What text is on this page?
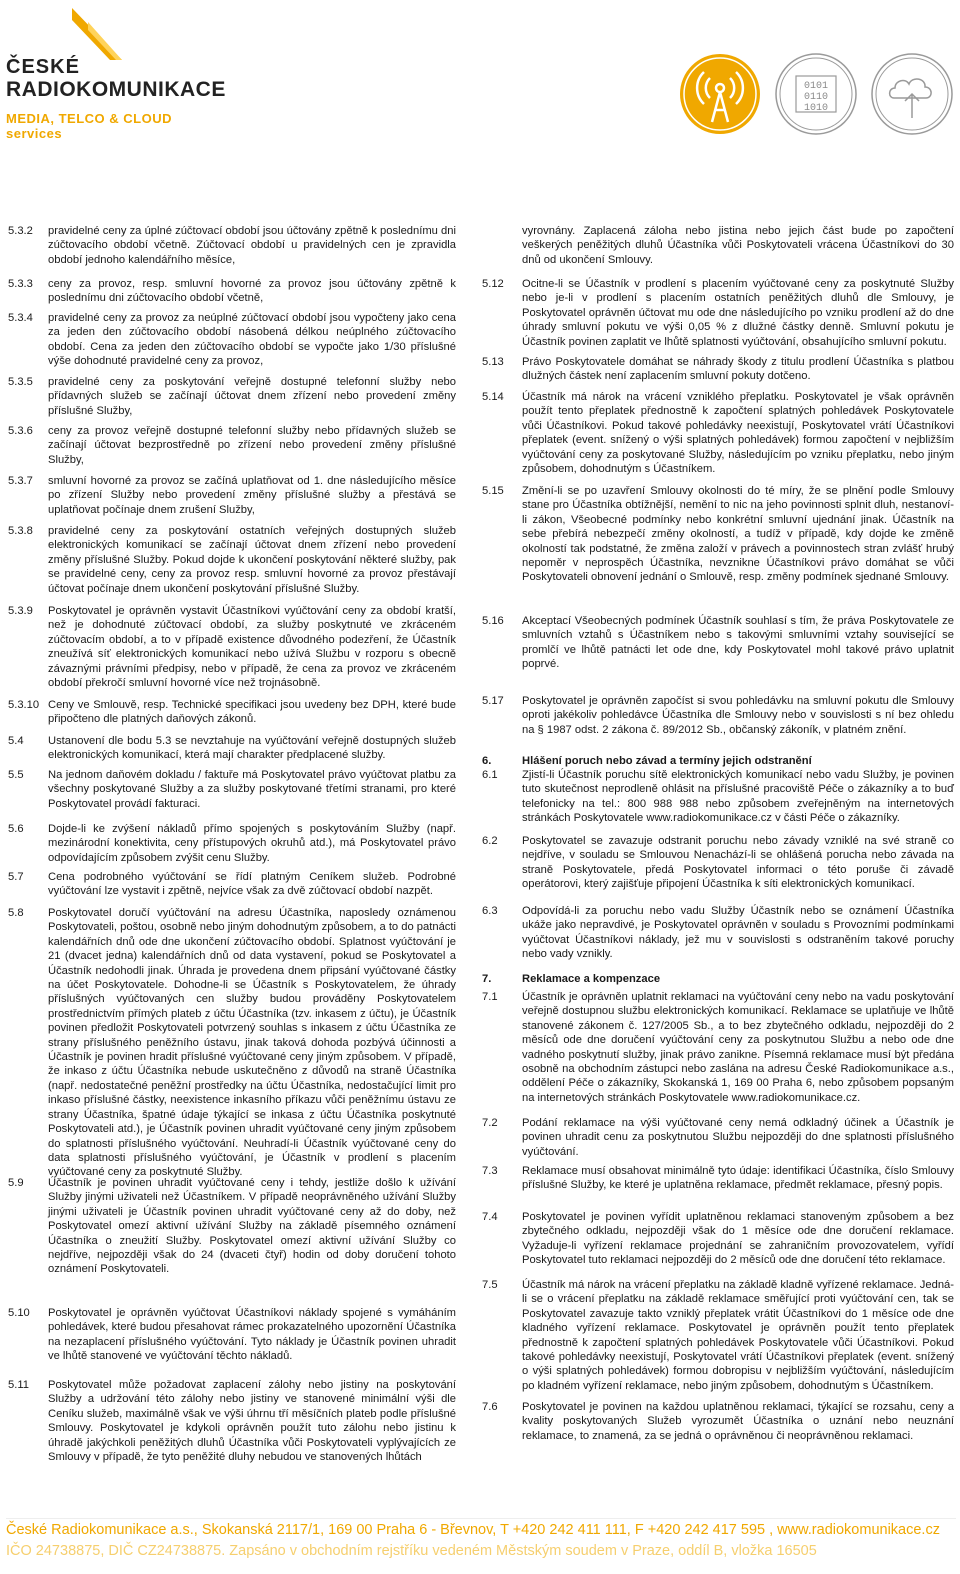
ČESKÉ
RADIOKOMUNIKACE
MEDIA, TELCO & CLOUD services
0101
0110
1010
5.3.2 pravidelné ceny za úplné zúčtovací období jsou účtovány zpětně k poslednímu dni zúčtovacího období včetně. Zúčtovací období u pravidelných cen je zpravidla období jednoho kalendářního měsíce,
5.3.3 ceny za provoz, resp. smluvní hovorné za provoz jsou účtovány zpětně k poslednímu dni zúčtovacího období včetně,
5.3.4 pravidelné ceny za provoz za neúplné zúčtovací období jsou vypočteny jako cena za jeden den zúčtovacího období násobená délkou neúplného zúčtovacího období. Cena za jeden den zúčtovacího období se vypočte jako 1/30 příslušné výše dohodnuté pravidelné ceny za provoz,
5.3.5 pravidelné ceny za poskytování veřejně dostupné telefonní služby nebo přídavných služeb se začínají účtovat dnem zřízení nebo provedení změny příslušné Služby,
5.3.6 ceny za provoz veřejně dostupné telefonní služby nebo přídavných služeb se začínají účtovat bezprostředně po zřízení nebo provedení změny příslušné Služby,
5.3.7 smluvní hovorné za provoz se začíná uplatňovat od 1. dne následujícího měsíce po zřízení Služby nebo provedení změny příslušné služby a přestává se uplatňovat počínaje dnem zrušení Služby,
5.3.8 pravidelné ceny za poskytování ostatních veřejných dostupných služeb elektronických komunikací se začínají účtovat dnem zřízení nebo provedení změny příslušné Služby. Pokud dojde k ukončení poskytování některé služby, pak se pravidelné ceny, ceny za provoz resp. smluvní hovorné za provoz přestávají účtovat počínaje dnem ukončení poskytování příslušné Služby.
5.3.9 Poskytovatel je oprávněn vystavit Účastníkovi vyúčtování ceny za období kratší, než je dohodnuté zúčtovací období, za služby poskytnuté ve zkráceném zúčtovacím období, a to v případě existence důvodného podezření, že Účastník zneužívá síť elektronických komunikací nebo užívá Službu v rozporu s obecně závaznými právními předpisy, nebo v případě, že cena za provoz ve zkráceném období překročí smluvní hovorné více než trojnásobně.
5.3.10 Ceny ve Smlouvě, resp. Technické specifikaci jsou uvedeny bez DPH, které bude připočteno dle platných daňových zákonů.
5.4 Ustanovení dle bodu 5.3 se nevztahuje na vyúčtování veřejně dostupných služeb elektronických komunikací, která mají charakter předplacené služby.
5.5 Na jednom daňovém dokladu / faktuře má Poskytovatel právo vyúčtovat platbu za všechny poskytované Služby a za služby poskytované třetími stranami, pro které Poskytovatel provádí fakturaci.
5.6 Dojde-li ke zvýšení nákladů přímo spojených s poskytováním Služby (např. mezinárodní konektivita, ceny přístupových okruhů atd.), má Poskytovatel právo odpovídajícím způsobem zvýšit cenu Služby.
5.7 Cena podrobného vyúčtování se řídí platným Ceníkem služeb. Podrobné vyúčtování lze vystavit i zpětně, nejvíce však za dvě zúčtovací období nazpět.
5.8 Poskytovatel doručí vyúčtování na adresu Účastníka, naposledy oznámenou Poskytovateli, poštou, osobně nebo jiným dohodnutým způsobem, a to do patnácti kalendářních dnů ode dne ukončení zúčtovacího období. Splatnost vyúčtování je 21 (dvacet jedna) kalendářních dnů od data vystavení, pokud se Poskytovatel a Účastník nedohodli jinak. Úhrada je provedena dnem připsání vyúčtované částky na účet Poskytovatele. Dohodne-li se Účastník s Poskytovatelem, že úhrady příslušných vyúčtovaných cen služby budou prováděny Poskytovatelem prostřednictvím přímých plateb z účtu Účastníka (tzv. inkasem z účtu), je Účastník povinen předložit Poskytovateli potvrzený souhlas s inkasem z účtu Účastníka ze strany příslušného peněžního ústavu, jinak taková dohoda pozbývá účinnosti a Účastník je povinen hradit příslušné vyúčtované ceny jiným způsobem. V případě, že inkaso z účtu Účastníka nebude uskutečněno z důvodů na straně Účastníka (např. nedostatečné peněžní prostředky na účtu Účastníka, nedostačující limit pro inkaso příslušné částky, neexistence inkasního příkazu vůči peněžnímu ústavu ze strany Účastníka, špatné údaje týkající se inkasa z účtu Účastníka poskytnuté Poskytovateli atd.), je Účastník povinen uhradit vyúčtované ceny jiným způsobem do splatnosti příslušného vyúčtování. Neuhradí-li Účastník vyúčtované ceny do data splatnosti příslušného vyúčtování, je Účastník v prodlení s placením vyúčtované ceny za poskytnuté Služby.
5.9 Účastník je povinen uhradit vyúčtované ceny i tehdy, jestliže došlo k užívání Služby jinými uživateli než Účastníkem. V případě neoprávněného užívání Služby jinými uživateli je Účastník povinen uhradit vyúčtované ceny až do doby, než Poskytovatel omezí aktivní užívání Služby na základě písemného oznámení Účastníka o zneužití Služby. Poskytovatel omezí aktivní užívání Služby co nejdříve, nejpozději však do 24 (dvaceti čtyř) hodin od doby doručení tohoto oznámení Poskytovateli.
5.10 Poskytovatel je oprávněn vyúčtovat Účastníkovi náklady spojené s vymáháním pohledávek, které budou přesahovat rámec prokazatelného upozornění Účastníka na nezaplacení příslušného vyúčtování. Tyto náklady je Účastník povinen uhradit ve lhůtě stanovené ve vyúčtování těchto nákladů.
5.11 Poskytovatel může požadovat zaplacení zálohy nebo jistiny na poskytování Služby a udržování této zálohy nebo jistiny ve stanovené minimální výši dle Ceníku služeb, maximálně však ve výši úhrnu tří měsíčních plateb podle příslušné Smlouvy. Poskytovatel je kdykoli oprávněn použít tuto zálohu nebo jistinu k úhradě jakýchkoli peněžitých dluhů Účastníka vůči Poskytovateli vyplývajících ze Smlouvy v případě, že tyto peněžité dluhy nebudou ve stanovených lhůtách
vyrovnány. Zaplacená záloha nebo jistina nebo jejich část bude po započtení veškerých peněžitých dluhů Účastníka vůči Poskytovateli vrácena Účastníkovi do 30 dnů od ukončení Smlouvy.
5.12 Ocitne-li se Účastník v prodlení s placením vyúčtované ceny za poskytnuté Služby nebo je-li v prodlení s placením ostatních peněžitých dluhů dle Smlouvy, je Poskytovatel oprávněn účtovat mu ode dne následujícího po vzniku prodlení až do dne úhrady smluvní pokutu ve výši 0,05 % z dlužné částky denně. Smluvní pokutu je Účastník povinen zaplatit ve lhůtě splatnosti vyúčtování, obsahujícího smluvní pokutu.
5.13 Právo Poskytovatele domáhat se náhrady škody z titulu prodlení Účastníka s platbou dlužných částek není zaplacením smluvní pokuty dotčeno.
5.14 Účastník má nárok na vrácení vzniklého přeplatku. Poskytovatel je však oprávněn použít tento přeplatek přednostně k započtení splatných pohledávek Poskytovatele vůči Účastníkovi. Pokud takové pohledávky neexistují, Poskytovatel vrátí Účastníkovi přeplatek (event. snížený o výši splatných pohledávek) formou započtení v nejbližším vyúčtování ceny za poskytované Služby, následujícím po vzniku přeplatku, nebo jiným způsobem, dohodnutým s Účastníkem.
5.15 Změní-li se po uzavření Smlouvy okolnosti do té míry, že se plnění podle Smlouvy stane pro Účastníka obtížnější, nemění to nic na jeho povinnosti splnit dluh, nestanoví-li zákon, Všeobecné podmínky nebo konkrétní smluvní ujednání jinak. Účastník na sebe přebírá nebezpečí změny okolností, a tudíž v případě, kdy dojde ke změně okolností tak podstatné, že změna založí v právech a povinnostech stran zvlášť hrubý nepoměr v neprospěch Účastníka, nevznikne Účastníkovi právo domáhat se vůči Poskytovateli obnovení jednání o Smlouvě, resp. změny podmínek sjednané Smlouvy.
5.16 Akceptací Všeobecných podmínek Účastník souhlasí s tím, že práva Poskytovatele ze smluvních vztahů s Účastníkem nebo s takovými smluvními vztahy související se promlčí ve lhůtě patnácti let ode dne, kdy Poskytovatel mohl takové právo uplatnit poprvé.
5.17 Poskytovatel je oprávněn započíst si svou pohledávku na smluvní pokutu dle Smlouvy oproti jakékoliv pohledávce Účastníka dle Smlouvy nebo v souvislosti s ní bez ohledu na § 1987 odst. 2 zákona č. 89/2012 Sb., občanský zákoník, v platném znění.
6.	Hlášení poruch nebo závad a termíny jejich odstranění
6.1 Zjistí-li Účastník poruchu sítě elektronických komunikací nebo vadu Služby, je povinen tuto skutečnost neprodleně ohlásit na příslušné pracoviště Péče o zákazníky a to buď telefonicky na tel.: 800 988 988 nebo způsobem zveřejněným na internetových stránkách Poskytovatele www.radiokomunikace.cz v části Péče o zákazníky.
6.2 Poskytovatel se zavazuje odstranit poruchu nebo závady vzniklé na své straně co nejdříve, v souladu se Smlouvou Nenachází-li se ohlášená porucha nebo závada na straně Poskytovatele, předá Poskytovatel informaci o této poruše či závadě operátorovi, který zajišťuje připojení Účastníka k síti elektronických komunikací.
6.3 Odpovídá-li za poruchu nebo vadu Služby Účastník nebo se oznámení Účastníka ukáže jako nepravdivé, je Poskytovatel oprávněn v souladu s Provozními podmínkami vyúčtovat Účastníkovi náklady, jež mu v souvislosti s odstraněním takové poruchy nebo vady vznikly.
7.	Reklamace a kompenzace
7.1 Účastník je oprávněn uplatnit reklamaci na vyúčtování ceny nebo na vadu poskytování veřejně dostupnou službu elektronických komunikací. Reklamace se uplatňuje ve lhůtě stanovené zákonem č. 127/2005 Sb., a to bez zbytečného odkladu, nejpozději do 2 měsíců ode dne doručení vyúčtování ceny za poskytnutou Službu a nebo ode dne vadného poskytnutí služby, jinak právo zanikne. Písemná reklamace musí být předána osobně na obchodním zástupci nebo zaslána na adresu České Radiokomunikace a.s., oddělení Péče o zákazníky, Skokanská 1, 169 00 Praha 6, nebo způsobem popsaným na internetových stránkách Poskytovatele www.radiokomunikace.cz.
7.2 Podání reklamace na výši vyúčtované ceny nemá odkladný účinek a Účastník je povinen uhradit cenu za poskytnutou Službu nejpozději do dne splatnosti příslušného vyúčtování.
7.3 Reklamace musí obsahovat minimálně tyto údaje: identifikaci Účastníka, číslo Smlouvy příslušné Služby, ke které je uplatněna reklamace, předmět reklamace, přesný popis.
7.4 Poskytovatel je povinen vyřídit uplatněnou reklamaci stanoveným způsobem a bez zbytečného odkladu, nejpozději však do 1 měsíce ode dne doručení reklamace. Vyžaduje-li vyřízení reklamace projednání se zahraničním provozovatelem, vyřídí Poskytovatel tuto reklamaci nejpozději do 2 měsíců ode dne doručení této reklamace.
7.5 Účastník má nárok na vrácení přeplatku na základě kladně vyřízené reklamace. Jedná-li se o vrácení přeplatku na základě reklamace směřující proti vyúčtování cen, tak se Poskytovatel zavazuje takto vzniklý přeplatek vrátit Účastníkovi do 1 měsíce ode dne kladného vyřízení reklamace. Poskytovatel je oprávněn použít tento přeplatek přednostně k započtení splatných pohledávek Poskytovatele vůči Účastníkovi. Pokud takové pohledávky neexistují, Poskytovatel vrátí Účastníkovi přeplatek (event. snížený o výši splatných pohledávek) formou dobropisu v nejbližším vyúčtování, následujícím po kladném vyřízení reklamace, nebo jiným způsobem, dohodnutým s Účastníkem.
7.6 Poskytovatel je povinen na každou uplatněnou reklamaci, týkající se rozsahu, ceny a kvality poskytovaných Služeb vyrozumět Účastníka o uznání nebo neuznání reklamace, to znamená, za se jedná o oprávněnou či neoprávněnou reklamaci.
České Radiokomunikace a.s., Skokanská 2117/1, 169 00 Praha 6 - Břevnov, T +420 242 411 111, F +420 242 417 595 , www.radiokomunikace.cz
IČO 24738875, DIČ CZ24738875. Zapsáno v obchodním rejstříku vedeném Městským soudem v Praze, oddíl B, vložka 16505
